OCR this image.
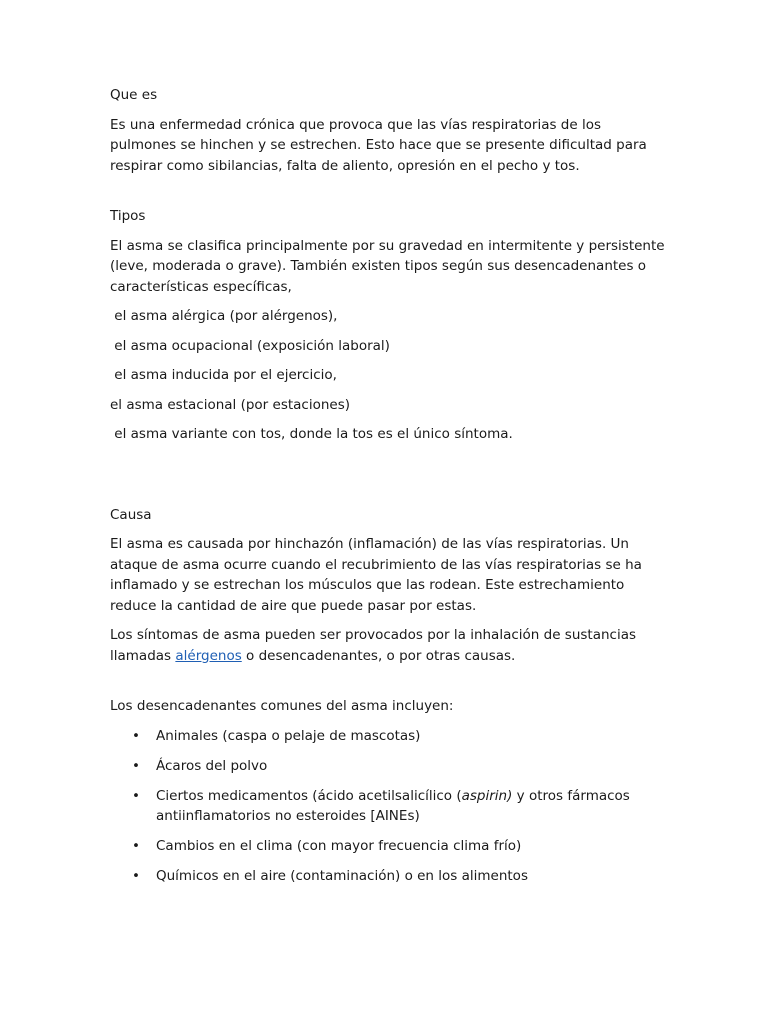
Que es

Es una enfermedad crónica que provoca que las vías respiratorias de los pulmones se hinchen y se estrechen. Esto hace que se presente dificultad para respirar como sibilancias, falta de aliento, opresión en el pecho y tos.

Tipos

El asma se clasifica principalmente por su gravedad en intermitente y persistente (leve, moderada o grave). También existen tipos según sus desencadenantes o características específicas,

el asma alérgica (por alérgenos),

el asma ocupacional (exposición laboral)

el asma inducida por el ejercicio,

el asma estacional (por estaciones)

el asma variante con tos, donde la tos es el único síntoma.

Causa

El asma es causada por hinchazón (inflamación) de las vías respiratorias. Un ataque de asma ocurre cuando el recubrimiento de las vías respiratorias se ha inflamado y se estrechan los músculos que las rodean. Este estrechamiento reduce la cantidad de aire que puede pasar por estas.

Los síntomas de asma pueden ser provocados por la inhalación de sustancias llamadas alérgenos o desencadenantes, o por otras causas.

Los desencadenantes comunes del asma incluyen:

• Animales (caspa o pelaje de mascotas)
• Ácaros del polvo
• Ciertos medicamentos (ácido acetilsalicílico (aspirin) y otros fármacos antiinflamatorios no esteroides [AINEs)
• Cambios en el clima (con mayor frecuencia clima frío)
• Químicos en el aire (contaminación) o en los alimentos
